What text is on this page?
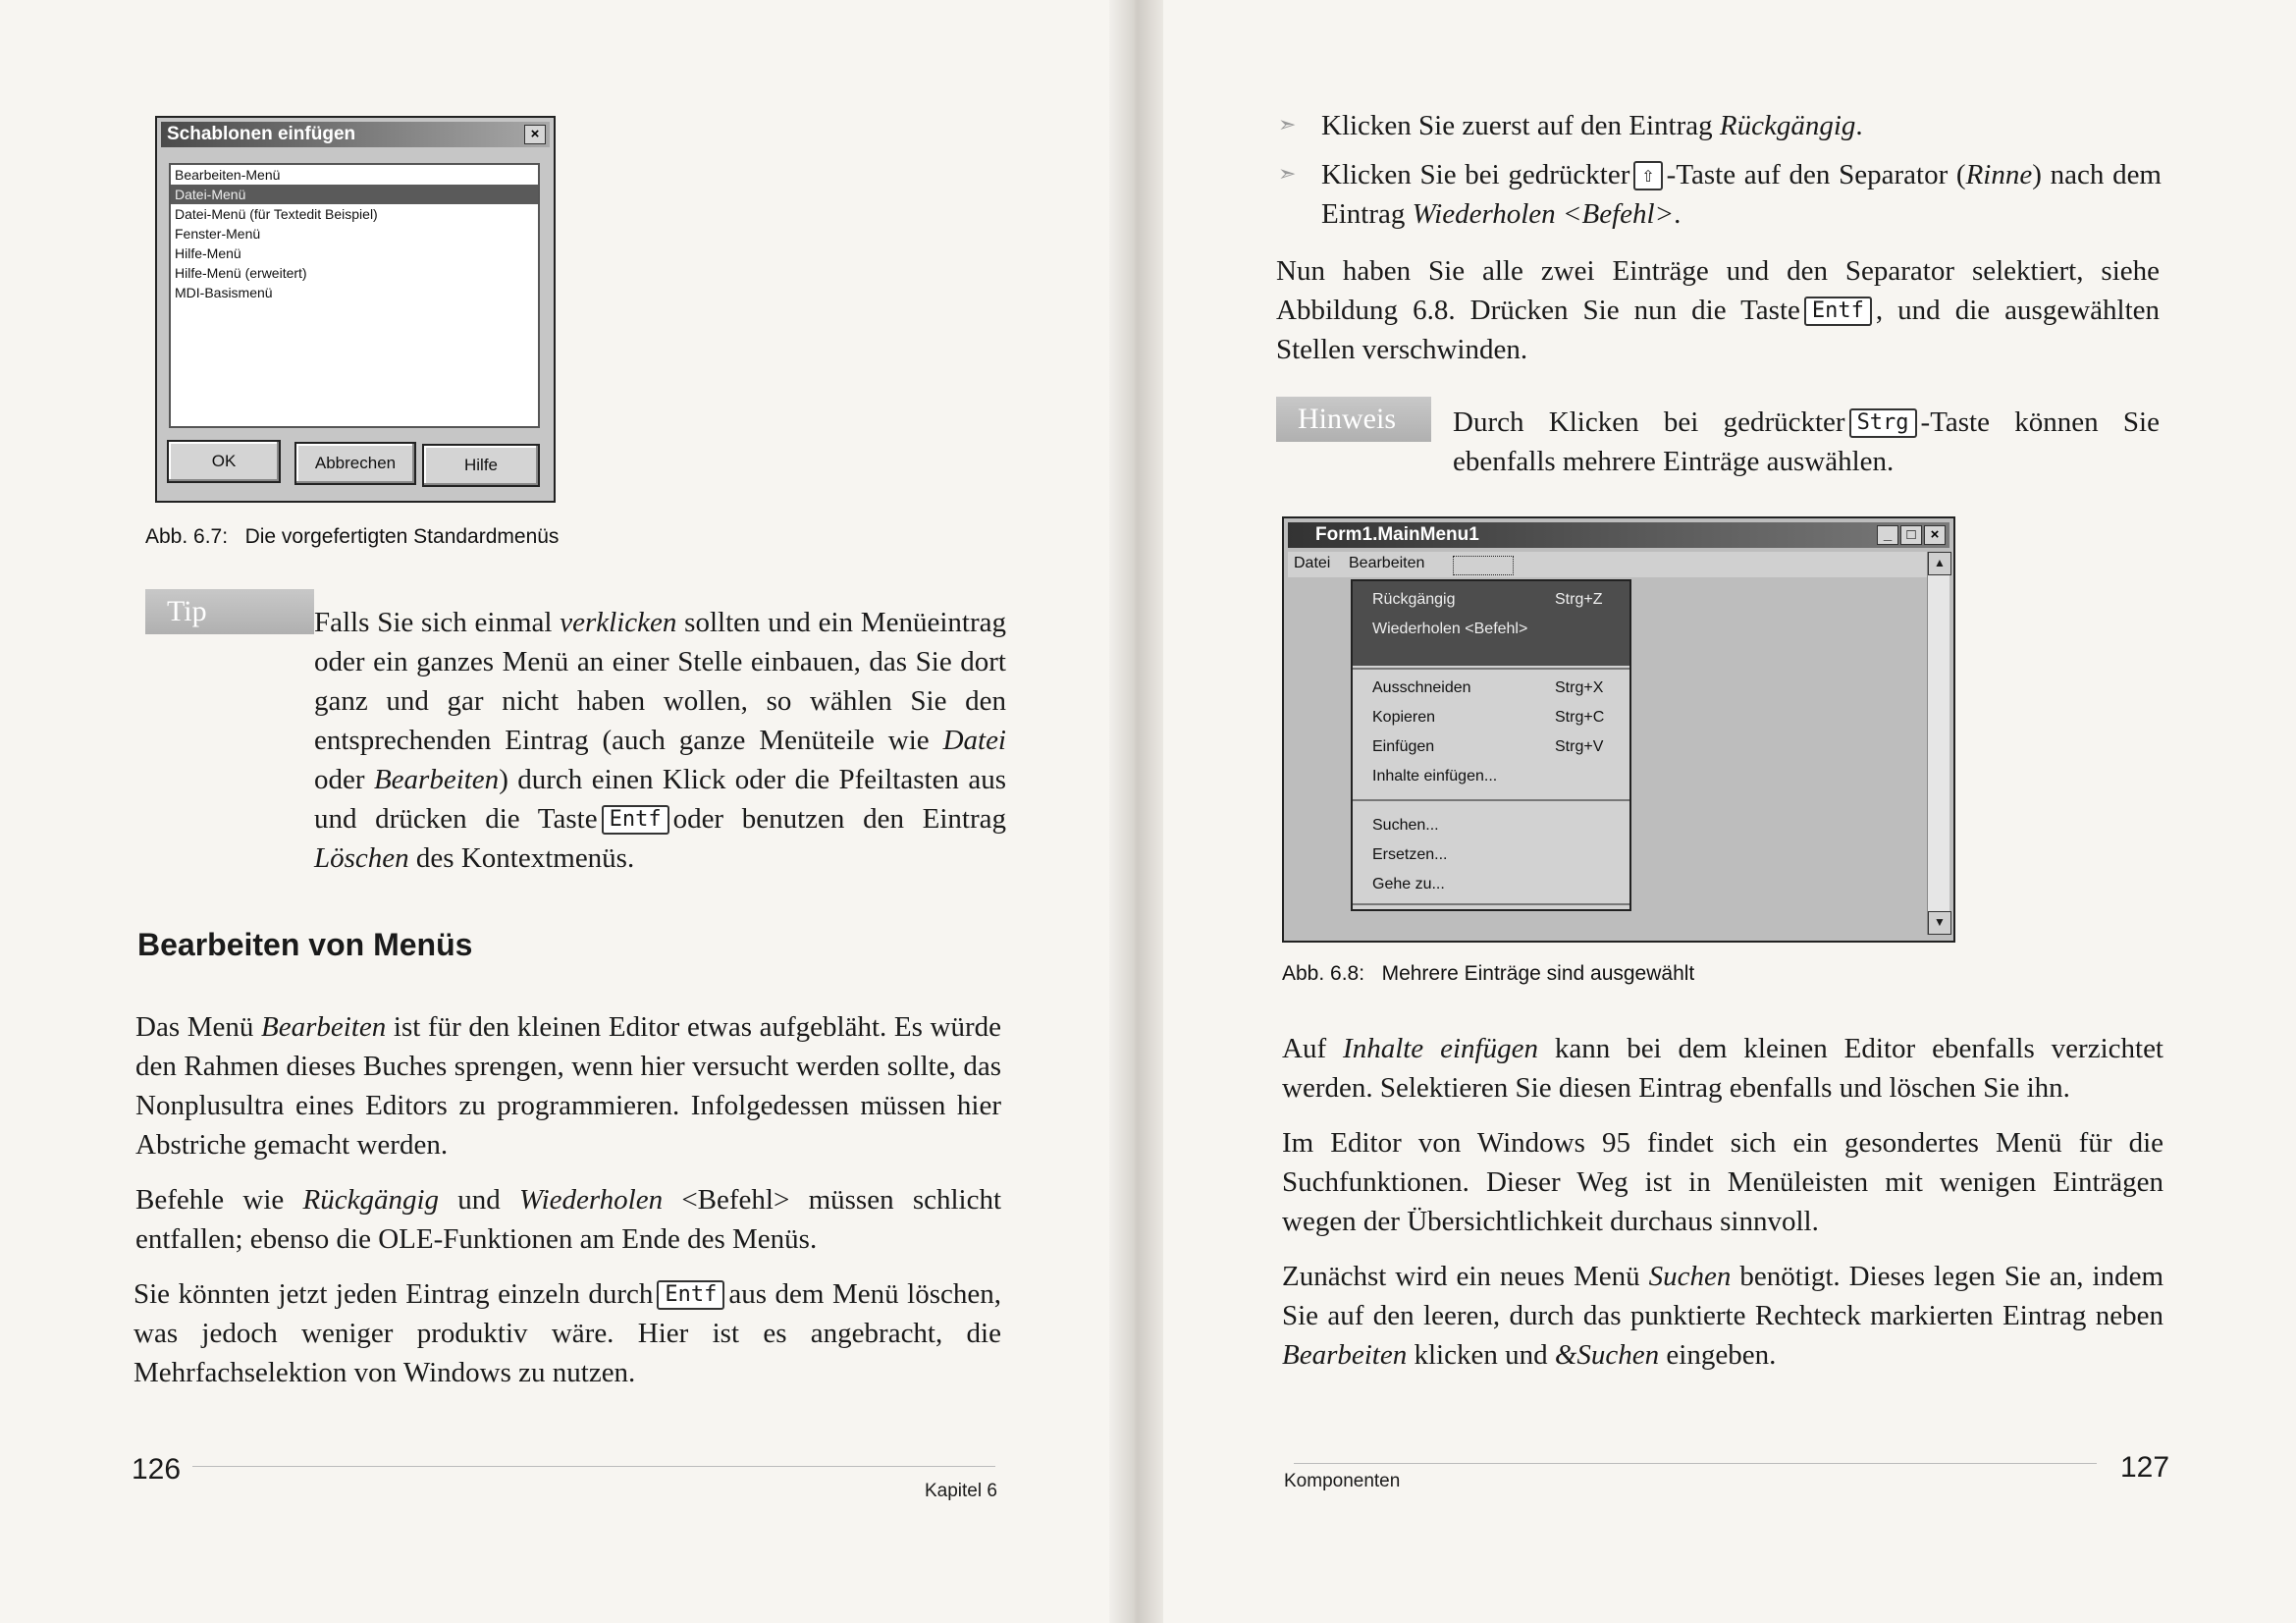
Schablonen einfügen	×
Bearbeiten-Menü
Datei-Menü
Datei-Menü (für Textedit Beispiel)
Fenster-Menü
Hilfe-Menü
Hilfe-Menü (erweitert)
MDI-Basismenü
OK	Abbrechen	Hilfe
Abb. 6.7: Die vorgefertigten Standardmenüs
Tip	Falls Sie sich einmal verklicken sollten und ein Menüeintrag oder ein ganzes Menü an einer Stelle einbauen, das Sie dort ganz und gar nicht haben wollen, so wählen Sie den entsprechenden Eintrag (auch ganze Menüteile wie Datei oder Bearbeiten) durch einen Klick oder die Pfeiltasten aus und drücken die Taste Entf oder benutzen den Eintrag Löschen des Kontextmenüs.

Bearbeiten von Menüs

Das Menü Bearbeiten ist für den kleinen Editor etwas aufgebläht. Es würde den Rahmen dieses Buches sprengen, wenn hier versucht werden sollte, das Nonplusultra eines Editors zu programmieren. Infolgedessen müssen hier Abstriche gemacht werden.

Befehle wie Rückgängig und Wiederholen <Befehl> müssen schlicht entfallen; ebenso die OLE-Funktionen am Ende des Menüs.

Sie könnten jetzt jeden Eintrag einzeln durch Entf aus dem Menü löschen, was jedoch weniger produktiv wäre. Hier ist es angebracht, die Mehrfachselektion von Windows zu nutzen.

126
Kapitel 6
➣ Klicken Sie zuerst auf den Eintrag Rückgängig.

➣ Klicken Sie bei gedrückter ⇧ -Taste auf den Separator (Rinne) nach dem Eintrag Wiederholen <Befehl>.

Nun haben Sie alle zwei Einträge und den Separator selektiert, siehe Abbildung 6.8. Drücken Sie nun die Taste Entf , und die ausgewählten Stellen verschwinden.

Hinweis	Durch Klicken bei gedrückter Strg -Taste können Sie ebenfalls mehrere Einträge auswählen.

Form1.MainMenu1	_	□	×
Datei Bearbeiten	▲
▼
Rückgängig	Strg+Z
Wiederholen <Befehl>
Ausschneiden	Strg+X
Kopieren	Strg+C
Einfügen	Strg+V
Inhalte einfügen...
Suchen...
Ersetzen...
Gehe zu...
Abb. 6.8: Mehrere Einträge sind ausgewählt

Auf Inhalte einfügen kann bei dem kleinen Editor ebenfalls verzichtet werden. Selektieren Sie diesen Eintrag ebenfalls und löschen Sie ihn.

Im Editor von Windows 95 findet sich ein gesondertes Menü für die Suchfunktionen. Dieser Weg ist in Menüleisten mit wenigen Einträgen wegen der Übersichtlichkeit durchaus sinnvoll.

Zunächst wird ein neues Menü Suchen benötigt. Dieses legen Sie an, indem Sie auf den leeren, durch das punktierte Rechteck markierten Eintrag neben Bearbeiten klicken und &Suchen eingeben.

Komponenten	127
